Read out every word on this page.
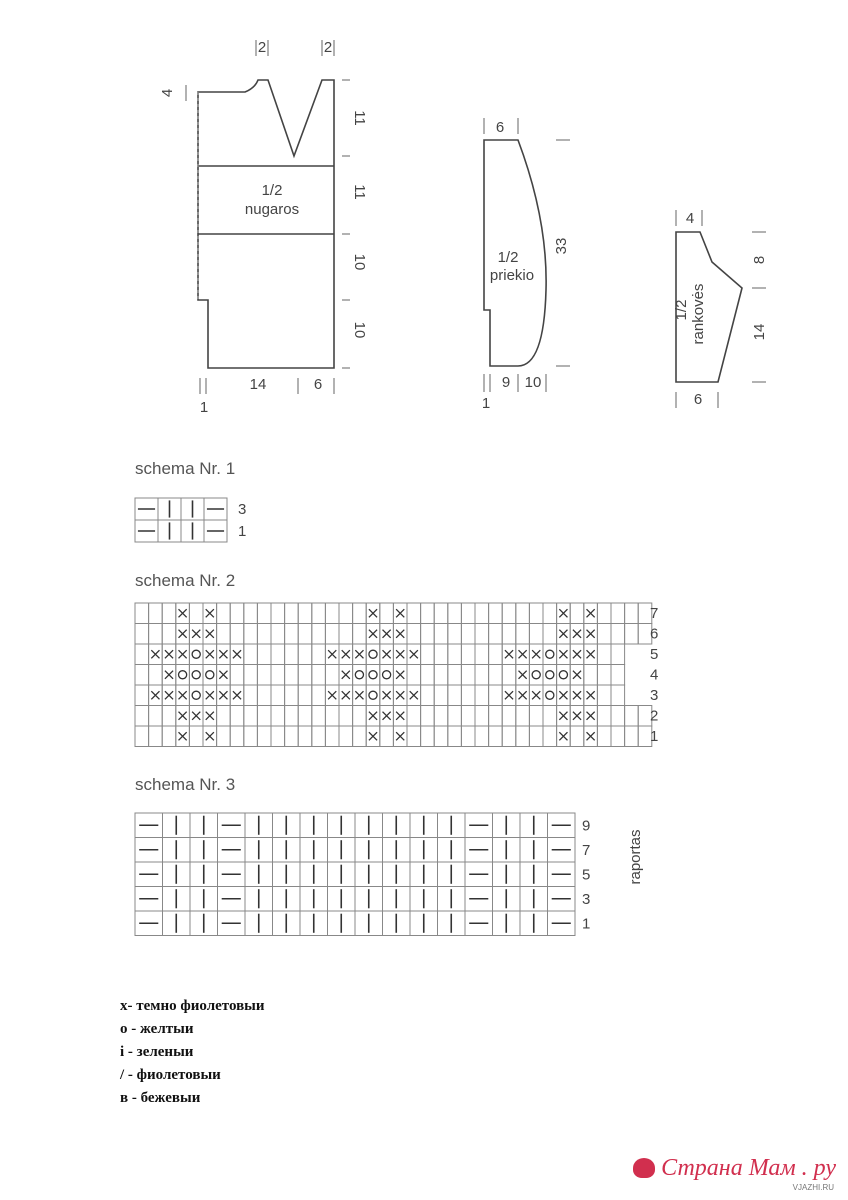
1/2
nugaros
2	2
4
11
11
10
10
1
14	6
1/2
priekio
6
33
1
9 10
1/2 rankovės
4
8
14
6
schema Nr. 1
schema Nr. 2
schema Nr. 3
raportas
3
1
7
6
5
4
3
2
1
9
7
5
3
1
x- темно фиолетовыи
o - желтыи
i - зеленыи
/ - фиолетовыи
в - бежевыи
Страна Мам . ру
VJAZHI.RU
